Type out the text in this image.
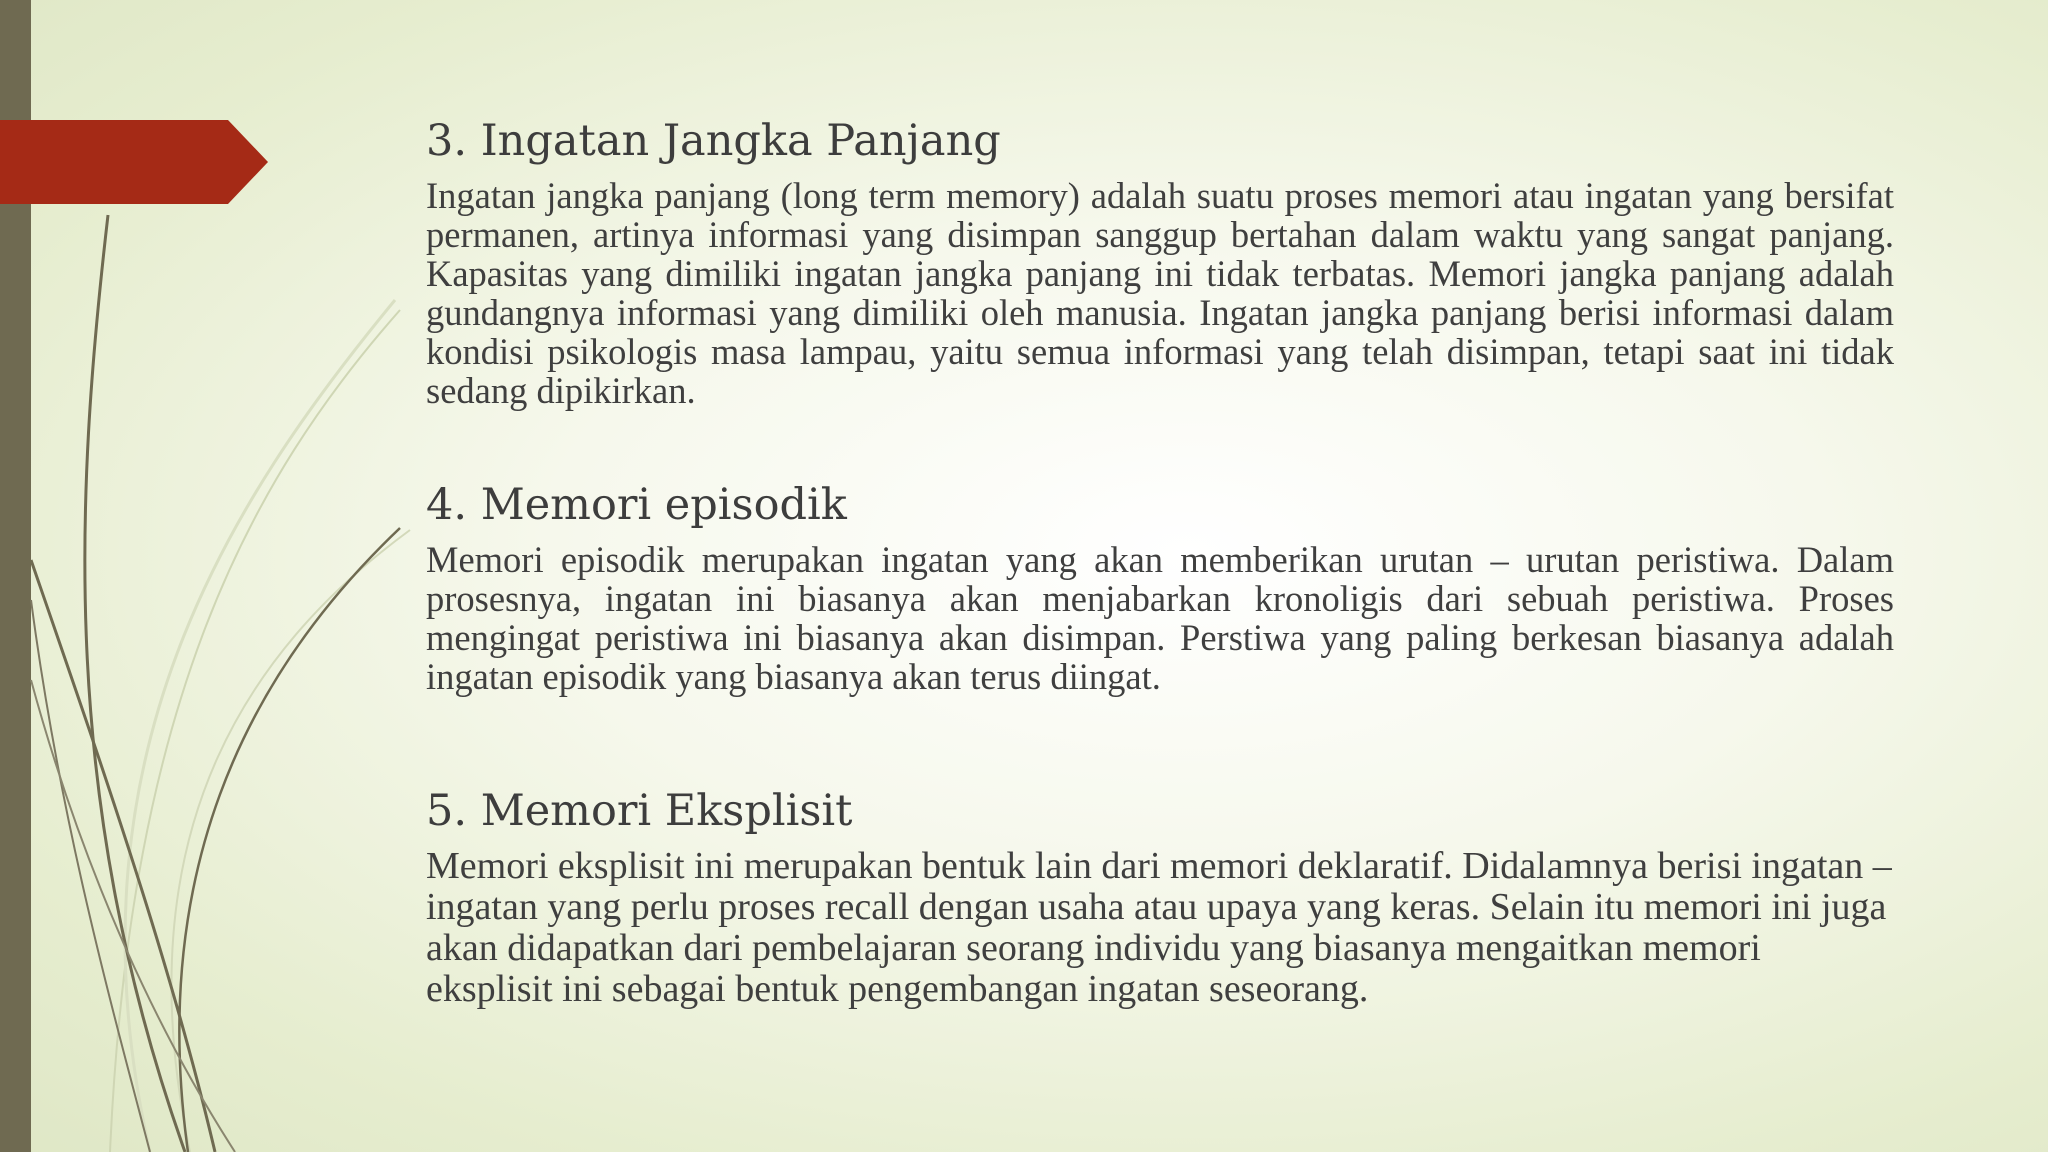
3. Ingatan Jangka Panjang

Ingatan jangka panjang (long term memory) adalah suatu proses memori atau ingatan yang bersifat permanen, artinya informasi yang disimpan sanggup bertahan dalam waktu yang sangat panjang. Kapasitas yang dimiliki ingatan jangka panjang ini tidak terbatas. Memori jangka panjang adalah gundangnya informasi yang dimiliki oleh manusia. Ingatan jangka panjang berisi informasi dalam kondisi psikologis masa lampau, yaitu semua informasi yang telah disimpan, tetapi saat ini tidak sedang dipikirkan.

4. Memori episodik

Memori episodik merupakan ingatan yang akan memberikan urutan – urutan peristiwa. Dalam prosesnya, ingatan ini biasanya akan menjabarkan kronoligis dari sebuah peristiwa. Proses mengingat peristiwa ini biasanya akan disimpan. Perstiwa yang paling berkesan biasanya adalah ingatan episodik yang biasanya akan terus diingat.

5. Memori Eksplisit

Memori eksplisit ini merupakan bentuk lain dari memori deklaratif. Didalamnya berisi ingatan – ingatan yang perlu proses recall dengan usaha atau upaya yang keras. Selain itu memori ini juga akan didapatkan dari pembelajaran seorang individu yang biasanya mengaitkan memori eksplisit ini sebagai bentuk pengembangan ingatan seseorang.
